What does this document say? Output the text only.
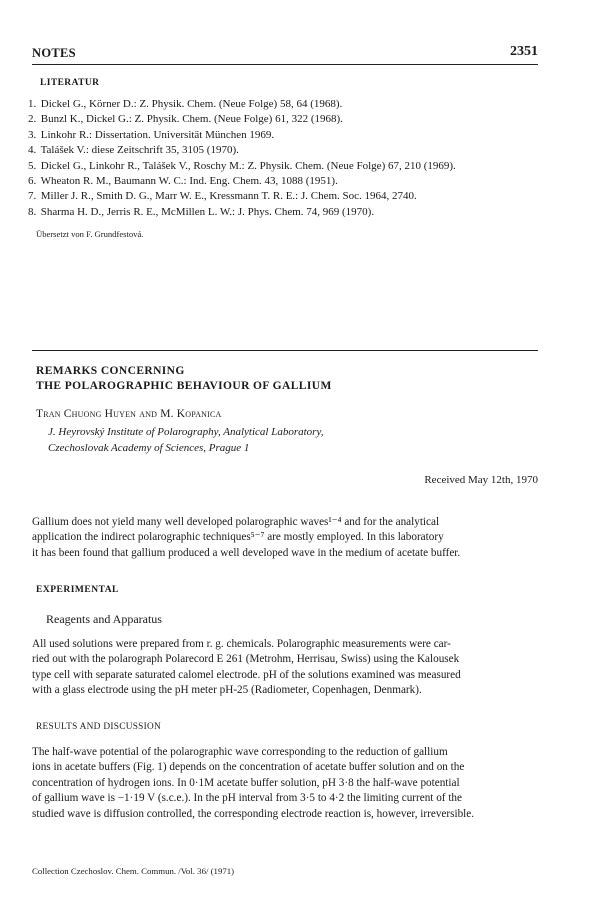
NOTES	2351
LITERATUR
1. Dickel G., Körner D.: Z. Physik. Chem. (Neue Folge) 58, 64 (1968).
2. Bunzl K., Dickel G.: Z. Physik. Chem. (Neue Folge) 61, 322 (1968).
3. Linkohr R.: Dissertation. Universität München 1969.
4. Talášek V.: diese Zeitschrift 35, 3105 (1970).
5. Dickel G., Linkohr R., Talášek V., Roschy M.: Z. Physik. Chem. (Neue Folge) 67, 210 (1969).
6. Wheaton R. M., Baumann W. C.: Ind. Eng. Chem. 43, 1088 (1951).
7. Miller J. R., Smith D. G., Marr W. E., Kressmann T. R. E.: J. Chem. Soc. 1964, 2740.
8. Sharma H. D., Jerris R. E., McMillen L. W.: J. Phys. Chem. 74, 969 (1970).
Übersetzt von F. Grundfestová.
REMARKS CONCERNING
THE POLAROGRAPHIC BEHAVIOUR OF GALLIUM
Tran Chuong Huyen and M. Kopanica
J. Heyrovský Institute of Polarography, Analytical Laboratory,
Czechoslovak Academy of Sciences, Prague 1
Received May 12th, 1970

Gallium does not yield many well developed polarographic waves¹⁻⁴ and for the analytical
application the indirect polarographic techniques⁵⁻⁷ are mostly employed. In this laboratory
it has been found that gallium produced a well developed wave in the medium of acetate buffer.

EXPERIMENTAL
Reagents and Apparatus

All used solutions were prepared from r. g. chemicals. Polarographic measurements were car-
ried out with the polarograph Polarecord E 261 (Metrohm, Herrisau, Swiss) using the Kalousek
type cell with separate saturated calomel electrode. pH of the solutions examined was measured
with a glass electrode using the pH meter pH-25 (Radiometer, Copenhagen, Denmark).

RESULTS AND DISCUSSION

The half-wave potential of the polarographic wave corresponding to the reduction of gallium
ions in acetate buffers (Fig. 1) depends on the concentration of acetate buffer solution and on the
concentration of hydrogen ions. In 0·1M acetate buffer solution, pH 3·8 the half-wave potential
of gallium wave is −1·19 V (s.c.e.). In the pH interval from 3·5 to 4·2 the limiting current of the
studied wave is diffusion controlled, the corresponding electrode reaction is, however, irreversible.

Collection Czechoslov. Chem. Commun. /Vol. 36/ (1971)
